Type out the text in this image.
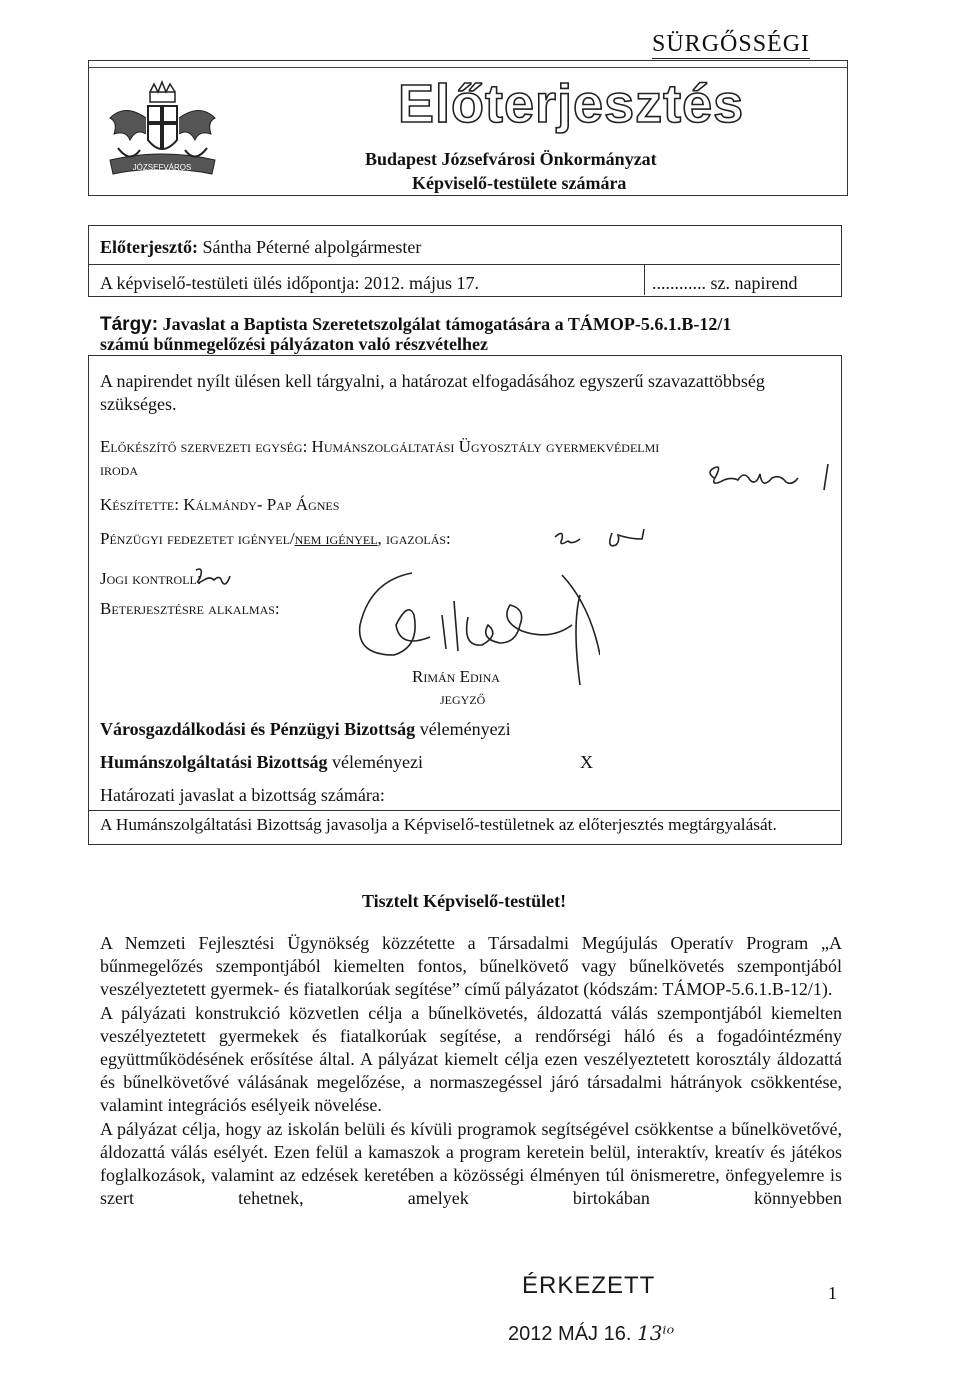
SÜRGŐSSÉGI
JÓZSEFVÁROS
Előterjesztés
Budapest Józsefvárosi Önkormányzat
Képviselő-testülete számára
Előterjesztő: Sántha Péterné alpolgármester
A képviselő-testületi ülés időpontja: 2012. május 17.	............ sz. napirend
Tárgy: Javaslat a Baptista Szeretetszolgálat támogatására a TÁMOP-5.6.1.B-12/1
számú bűnmegelőzési pályázaton való részvételhez
A napirendet nyílt ülésen kell tárgyalni, a határozat elfogadásához egyszerű szavazattöbbség
szükséges.
Előkészítő szervezeti egység: Humánszolgáltatási Ügyosztály gyermekvédelmi
iroda
Készítette: Kálmándy- Pap Ágnes
Pénzügyi fedezetet igényel/nem igényel, igazolás:
Jogi kontroll:
Beterjesztésre alkalmas:
Rimán Edina
jegyző
Városgazdálkodási és Pénzügyi Bizottság véleményezi
Humánszolgáltatási Bizottság véleményezi	X
Határozati javaslat a bizottság számára:
A Humánszolgáltatási Bizottság javasolja a Képviselő-testületnek az előterjesztés megtárgyalását.
Tisztelt Képviselő-testület!

A Nemzeti Fejlesztési Ügynökség közzétette a Társadalmi Megújulás Operatív Program „A bűnmegelőzés szempontjából kiemelten fontos, bűnelkövető vagy bűnelkövetés szempontjából veszélyeztetett gyermek- és fiatalkorúak segítése” című pályázatot (kódszám: TÁMOP-5.6.1.B-12/1).

A pályázati konstrukció közvetlen célja a bűnelkövetés, áldozattá válás szempontjából kiemelten veszélyeztetett gyermekek és fiatalkorúak segítése, a rendőrségi háló és a fogadóintézmény együttműködésének erősítése által. A pályázat kiemelt célja ezen veszélyeztetett korosztály áldozattá és bűnelkövetővé válásának megelőzése, a normaszegéssel járó társadalmi hátrányok csökkentése, valamint integrációs esélyeik növelése.

A pályázat célja, hogy az iskolán belüli és kívüli programok segítségével csökkentse a bűnelkövetővé, áldozattá válás esélyét. Ezen felül a kamaszok a program keretein belül, interaktív, kreatív és játékos foglalkozások, valamint az edzések keretében a közösségi élményen túl önismeretre, önfegyelemre is szert tehetnek, amelyek birtokában könnyebben

ÉRKEZETT
2012 MÁJ 16. 13ⁱᵒ
1
